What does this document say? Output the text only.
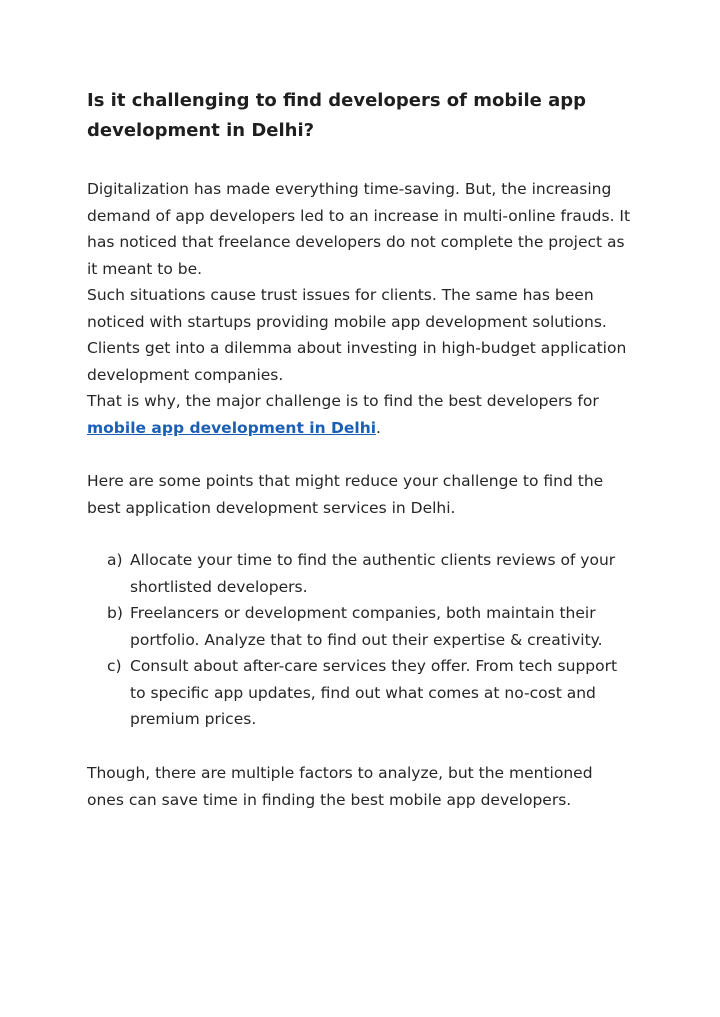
Is it challenging to find developers of mobile app development in Delhi?

Digitalization has made everything time-saving. But, the increasing demand of app developers led to an increase in multi-online frauds. It has noticed that freelance developers do not complete the project as it meant to be.

Such situations cause trust issues for clients. The same has been noticed with startups providing mobile app development solutions. Clients get into a dilemma about investing in high-budget application development companies.

That is why, the major challenge is to find the best developers for
mobile app development in Delhi.

Here are some points that might reduce your challenge to find the best application development services in Delhi.

a) Allocate your time to find the authentic clients reviews of your shortlisted developers.
b) Freelancers or development companies, both maintain their portfolio. Analyze that to find out their expertise & creativity.
c) Consult about after-care services they offer. From tech support to specific app updates, find out what comes at no-cost and premium prices.

Though, there are multiple factors to analyze, but the mentioned ones can save time in finding the best mobile app developers.
